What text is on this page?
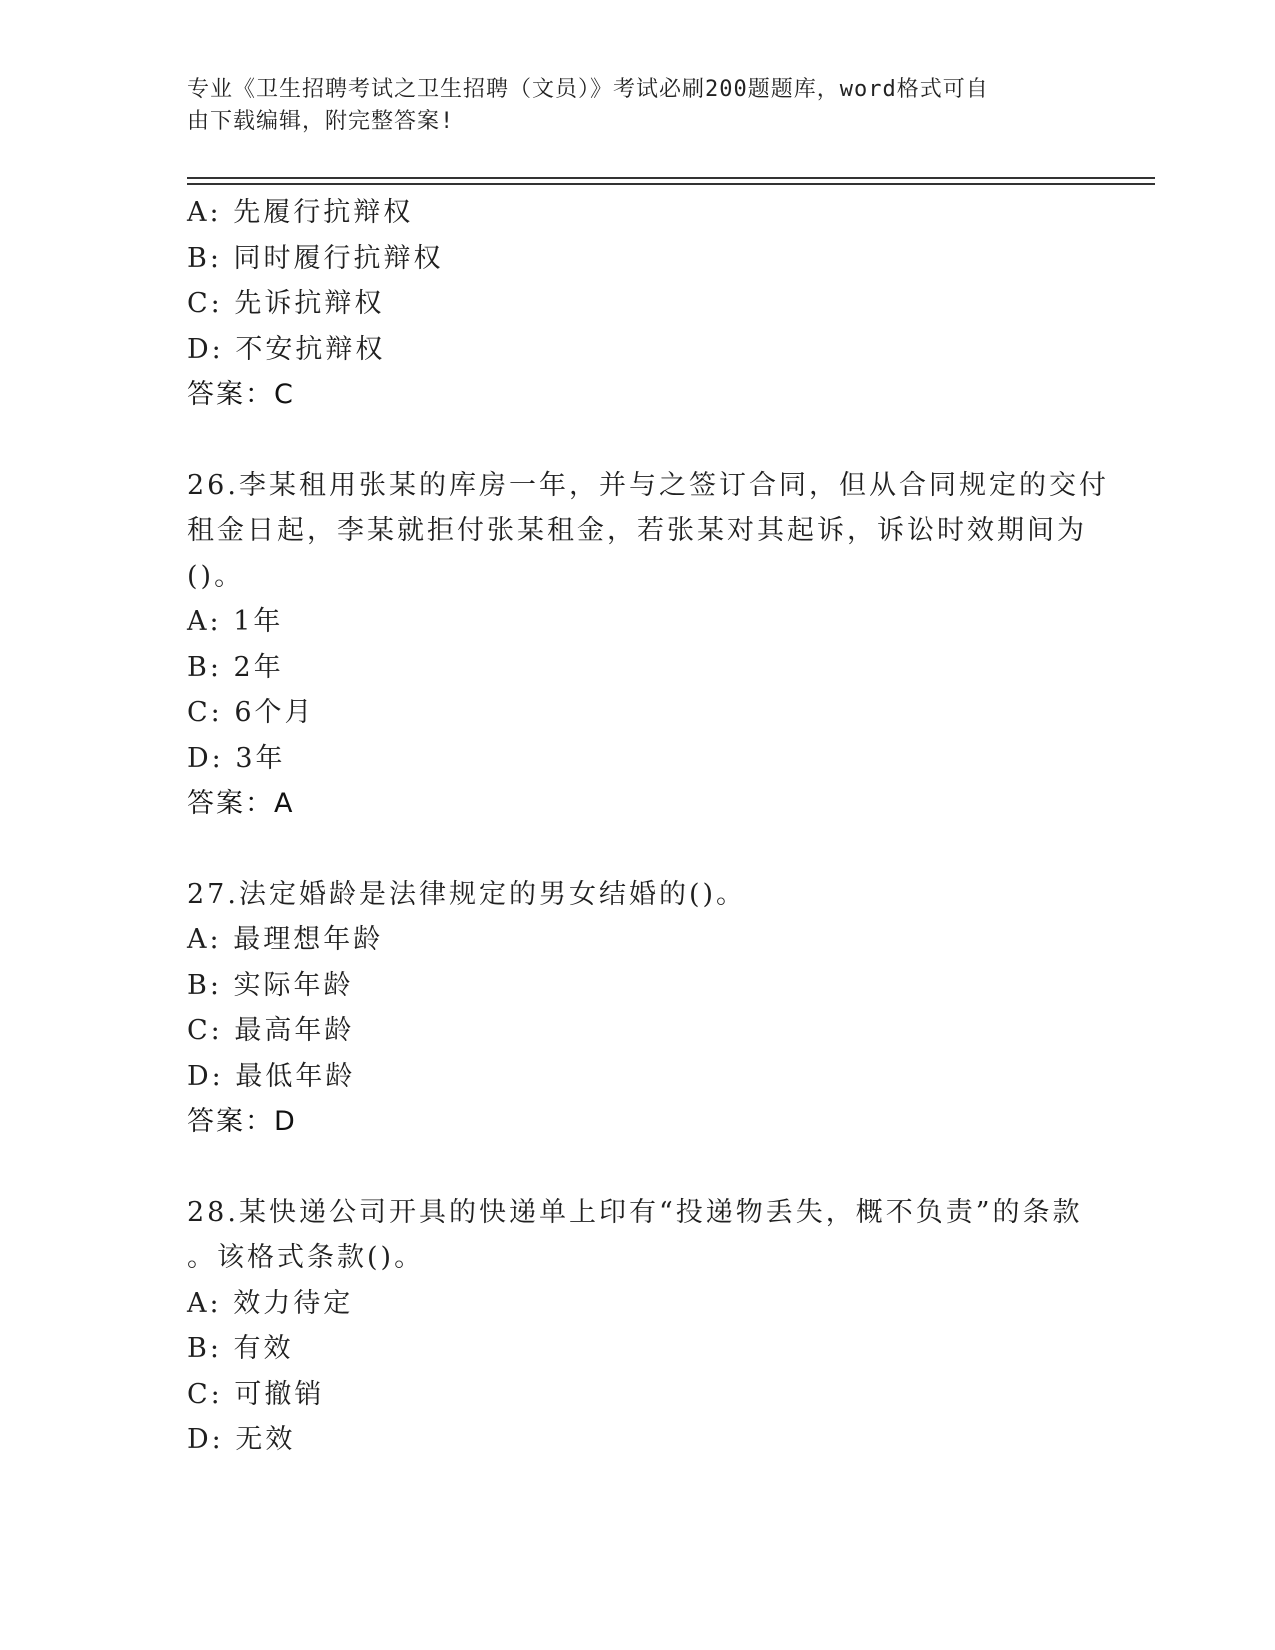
专业《卫生招聘考试之卫生招聘（文员）》考试必刷200题题库，word格式可自
由下载编辑，附完整答案!
A: 先履行抗辩权
B: 同时履行抗辩权
C: 先诉抗辩权
D: 不安抗辩权
答案：C
26.李某租用张某的库房一年，并与之签订合同，但从合同规定的交付
租金日起，李某就拒付张某租金，若张某对其起诉，诉讼时效期间为
()。
A: 1年
B: 2年
C: 6个月
D: 3年
答案：A
27.法定婚龄是法律规定的男女结婚的()。
A: 最理想年龄
B: 实际年龄
C: 最高年龄
D: 最低年龄
答案：D
28.某快递公司开具的快递单上印有“投递物丢失，概不负责”的条款
。该格式条款()。
A: 效力待定
B: 有效
C: 可撤销
D: 无效
